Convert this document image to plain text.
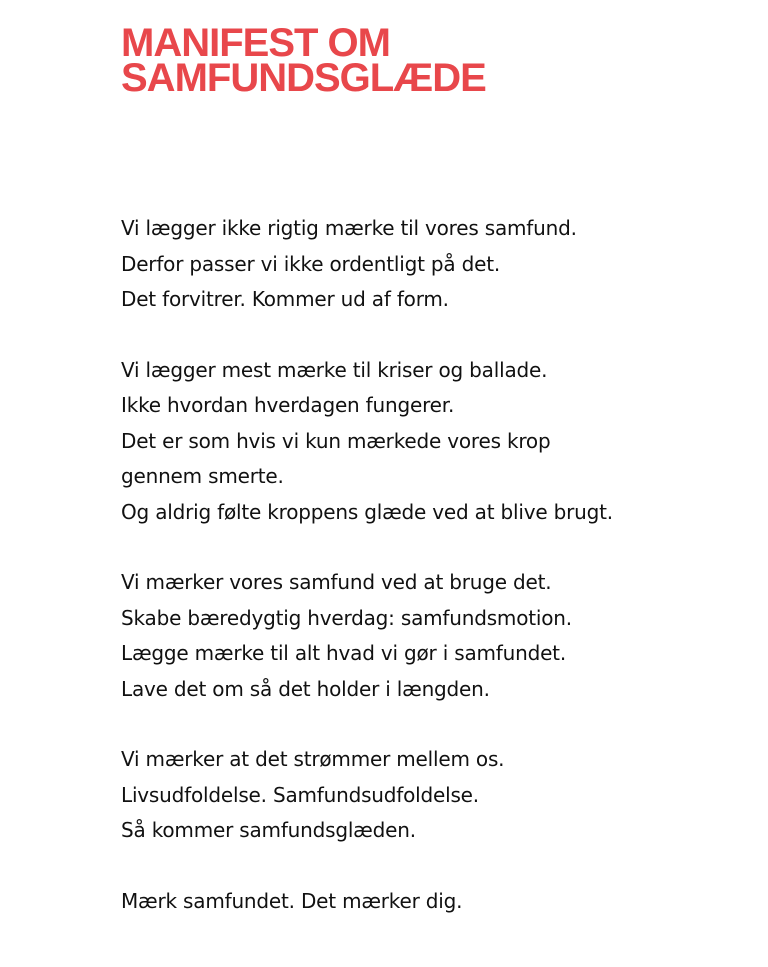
MANIFEST OM
SAMFUNDSGLÆDE

Vi lægger ikke rigtig mærke til vores samfund.
Derfor passer vi ikke ordentligt på det.
Det forvitrer. Kommer ud af form.

Vi lægger mest mærke til kriser og ballade.
Ikke hvordan hverdagen fungerer.
Det er som hvis vi kun mærkede vores krop
gennem smerte.
Og aldrig følte kroppens glæde ved at blive brugt.

Vi mærker vores samfund ved at bruge det.
Skabe bæredygtig hverdag: samfundsmotion.
Lægge mærke til alt hvad vi gør i samfundet.
Lave det om så det holder i længden.

Vi mærker at det strømmer mellem os.
Livsudfoldelse. Samfundsudfoldelse.
Så kommer samfundsglæden.

Mærk samfundet. Det mærker dig.
